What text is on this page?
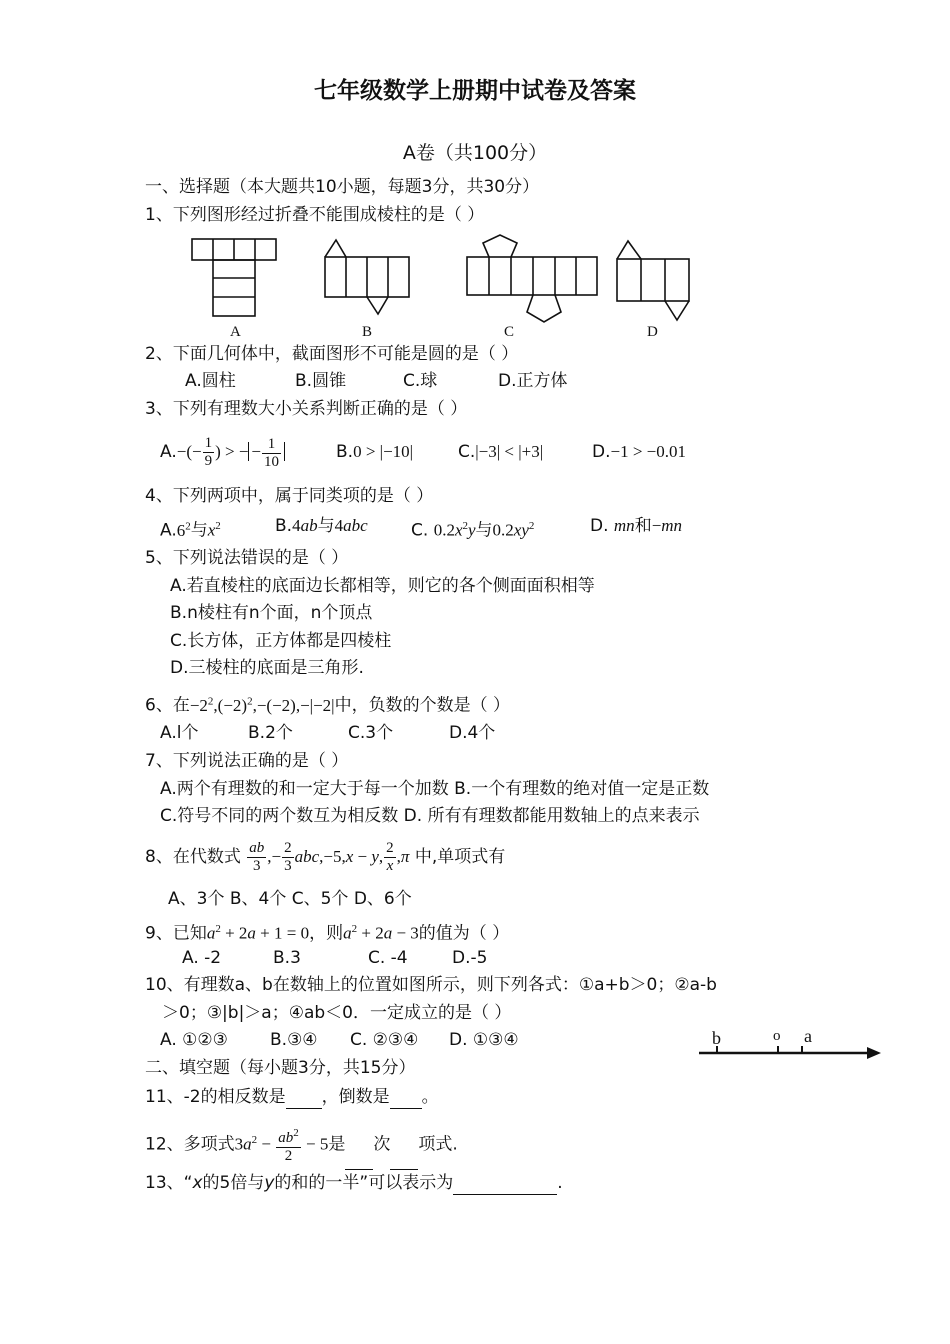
七年级数学上册期中试卷及答案
A卷（共100分）
一、选择题（本大题共10小题，每题3分，共30分）
1、下列图形经过折叠不能围成棱柱的是（ ）
A	B	C	D
2、下面几何体中，截面图形不可能是圆的是（ ）
A.圆柱	B.圆锥	C.球	D.正方体
3、下列有理数大小关系判断正确的是（ ）
$A.-(- \frac{1}{9}$ ) > − − $\frac{1}{10}$	B.0 > |−10|	C.|−3| < |+3|	D.−1 > −0.01
4、下列两项中，属于同类项的是（ ）
$A.6^2$与$x^2$	B.4ab与4abc	C. $0.2x^2y$与$0.2xy^2$	D. mn和−mn
5、下列说法错误的是（ ）
A.若直棱柱的底面边长都相等，则它的各个侧面面积相等
B.n棱柱有n个面，n个顶点
C.长方体，正方体都是四棱柱
D.三棱柱的底面是三角形.
6、在$-2^2,(-2)^2,-(-2),-|-2|$中，负数的个数是（ ）
A.l个	B.2个	C.3个	D.4个
7、下列说法正确的是（ ）
A.两个有理数的和一定大于每一个加数 B.一个有理数的绝对值一定是正数
C.符号不同的两个数互为相反数 D. 所有有理数都能用数轴上的点来表示
8、在代数式 $\frac{ab}{3}$ ,− $\frac{2}{3} abc,-5,x - y$, $\frac{2}{x} ,\pi$ 中,单项式有
A、3个 B、4个 C、5个 D、6个
9、已知$a^2 + 2a + 1 = 0$，则$a^2 + 2a - 3$的值为（ ）
A. -2	B.3	C. -4	D.-5
10、有理数a、b在数轴上的位置如图所示，则下列各式：①a+b＞0；②a-b
＞0；③|b|＞a；④ab＜0．一定成立的是（ ）
A. ①②③ B.③④ C. ②③④ D. ①③④	b	o a
二、填空题（每小题3分，共15分）
11、-2的相反数是 ，倒数是 。
12、多项式$3a^2 - \frac{ab^2}{2} - 5$是 次 项式.
13、“x的5倍与y的和的一半”可以表示为	.
